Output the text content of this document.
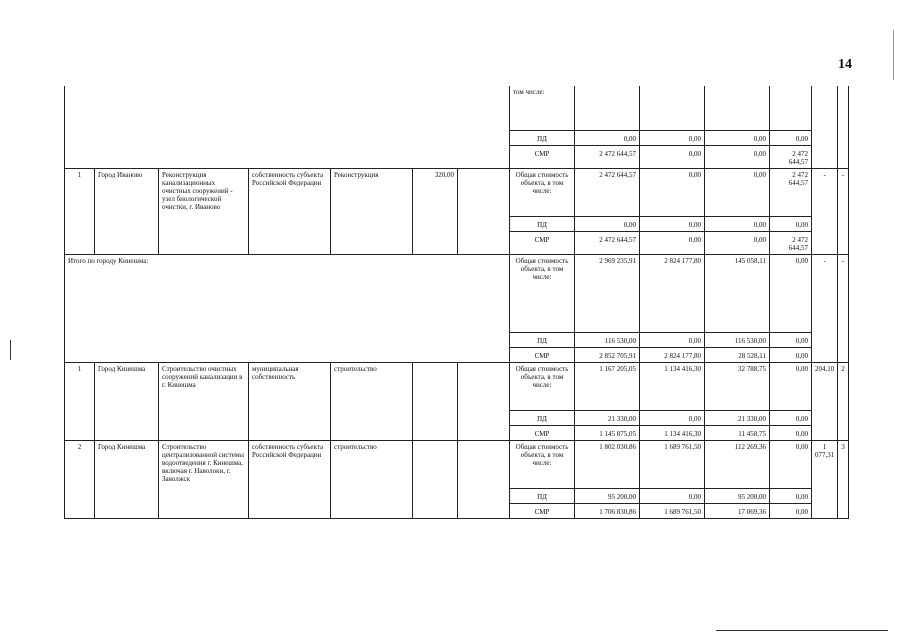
14
							том числе:						
							ПД	0,00	0,00	0,00	0,00		
							СМР	2 472 644,57	0,00	0,00	2 472 644,57		
1	Город Иваново	Реконструкция канализационных очистных сооружений - узел биологической очистки, г. Иваново	собственность субъекта Российской Федерации	Реконструкция	320,00		Общая стоимость объекта, в том числе:	2 472 644,57	0,00	0,00	2 472 644,57	-	-
							ПД	0,00	0,00	0,00	0,00		
							СМР	2 472 644,57	0,00	0,00	2 472 644,57		
Итого по городу Кинешма:							Общая стоимость объекта, в том числе:	2 969 235,91	2 824 177,80	145 058,11	0,00	-	-
							ПД	116 530,00	0,00	116 530,00	0,00		
							СМР	2 852 705,91	2 824 177,80	28 528,11	0,00		
1	Город Кинешма	Строительство очистных сооружений канализации в г. Кинешма	муниципальная собственность	строительство			Общая стоимость объекта, в том числе:	1 167 205,05	1 134 416,30	32 788,75	0,00	204,10	2
							ПД	21 330,00	0,00	21 330,00	0,00		
							СМР	1 145 875,05	1 134 416,30	11 458,75	0,00		
2	Город Кинешма	Строительство централизованной системы водоотведения г. Кинешма, включая г. Наволоки, г. Заволжск	собственность субъекта Российской Федерации	строительство			Общая стоимость объекта, в том числе:	1 802 030,86	1 689 761,50	112 269,36	0,00	1 077,31	3
							ПД	95 200,00	0,00	95 200,00	0,00		
							СМР	1 706 830,86	1 689 761,50	17 069,36	0,00		
